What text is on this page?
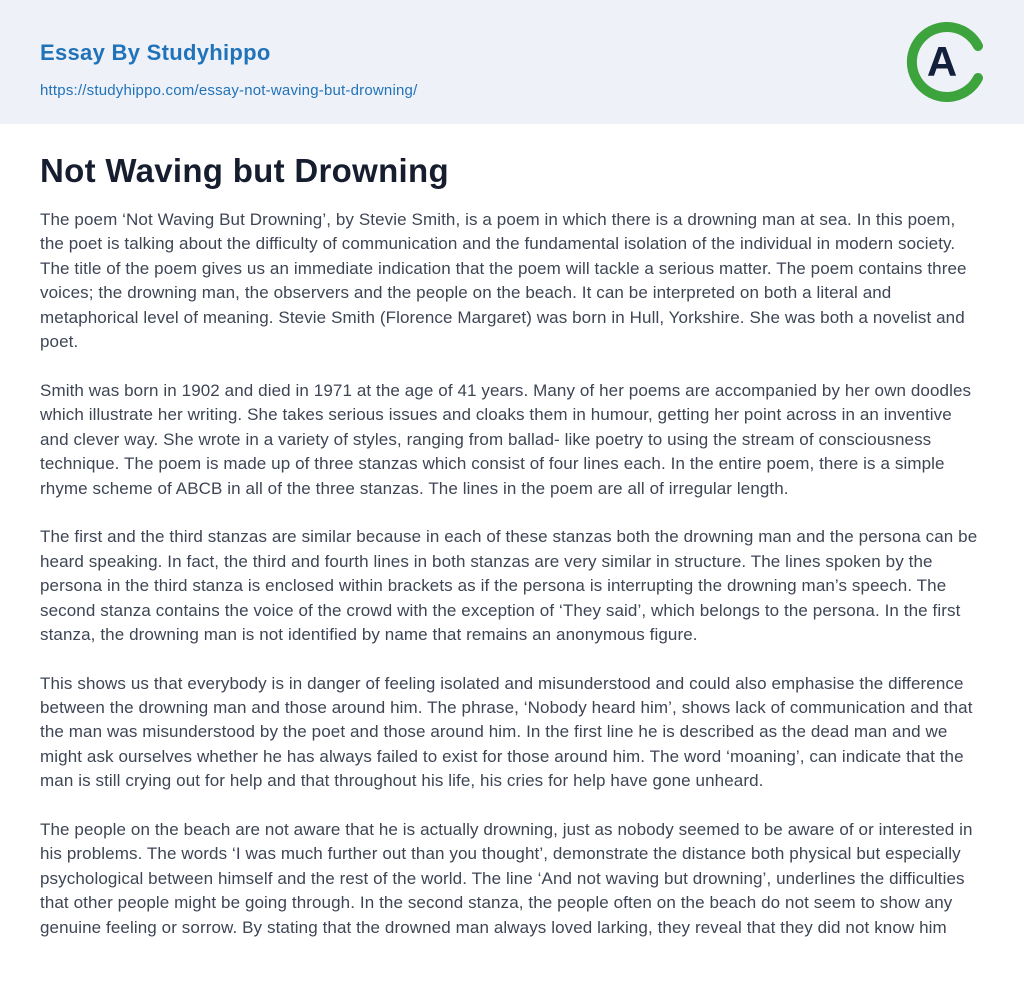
Essay By Studyhippo
https://studyhippo.com/essay-not-waving-but-drowning/
A
Not Waving but Drowning

The poem ‘Not Waving But Drowning’, by Stevie Smith, is a poem in which there is a drowning man at sea. In this poem, the poet is talking about the difficulty of communication and the fundamental isolation of the individual in modern society. The title of the poem gives us an immediate indication that the poem will tackle a serious matter. The poem contains three voices; the drowning man, the observers and the people on the beach. It can be interpreted on both a literal and metaphorical level of meaning. Stevie Smith (Florence Margaret) was born in Hull, Yorkshire. She was both a novelist and poet.

Smith was born in 1902 and died in 1971 at the age of 41 years. Many of her poems are accompanied by her own doodles which illustrate her writing. She takes serious issues and cloaks them in humour, getting her point across in an inventive and clever way. She wrote in a variety of styles, ranging from ballad- like poetry to using the stream of consciousness technique. The poem is made up of three stanzas which consist of four lines each. In the entire poem, there is a simple rhyme scheme of ABCB in all of the three stanzas. The lines in the poem are all of irregular length.

The first and the third stanzas are similar because in each of these stanzas both the drowning man and the persona can be heard speaking. In fact, the third and fourth lines in both stanzas are very similar in structure. The lines spoken by the persona in the third stanza is enclosed within brackets as if the persona is interrupting the drowning man’s speech. The second stanza contains the voice of the crowd with the exception of ‘They said’, which belongs to the persona. In the first stanza, the drowning man is not identified by name that remains an anonymous figure.

This shows us that everybody is in danger of feeling isolated and misunderstood and could also emphasise the difference between the drowning man and those around him. The phrase, ‘Nobody heard him’, shows lack of communication and that the man was misunderstood by the poet and those around him. In the first line he is described as the dead man and we might ask ourselves whether he has always failed to exist for those around him. The word ‘moaning’, can indicate that the man is still crying out for help and that throughout his life, his cries for help have gone unheard.

The people on the beach are not aware that he is actually drowning, just as nobody seemed to be aware of or interested in his problems. The words ‘I was much further out than you thought’, demonstrate the distance both physical but especially psychological between himself and the rest of the world. The line ‘And not waving but drowning’, underlines the difficulties that other people might be going through. In the second stanza, the people often on the beach do not seem to show any genuine feeling or sorrow. By stating that the drowned man always loved larking, they reveal that they did not know him
